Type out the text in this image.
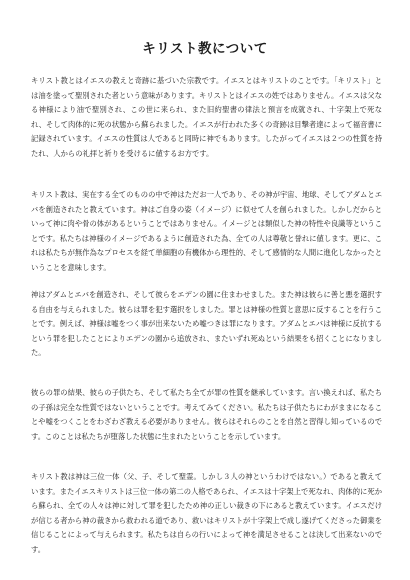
キリスト教について

キリスト教とはイエスの教えと奇跡に基づいた宗教です。イエスとはキリストのことです。「キリスト」とは油を塗って聖別された者という意味があります。キリストとはイエスの姓ではありません。イエスは父なる神様により油で聖別され、この世に来られ、また旧約聖書の律法と預言を成就され、十字架上で死なれ、そして肉体的に死の状態から蘇られました。イエスが行われた多くの奇跡は目撃者達によって福音書に記録されています。イエスの性質は人であると同時に神でもあります。したがってイエスは２つの性質を持たれ、人からの礼拝と祈りを受けるに値するお方です。

キリスト教は、実在する全てのものの中で神はただお一人であり、その神が宇宙、地球、そしてアダムとエバを創造されたと教えています。神はご自身の姿（イメージ）に似せて人を創られました。しかしだからといって神に肉や骨の体があるということではありません。イメージとは類似した神の特性や良識等ということです。私たちは神様のイメージであるように創造された為、全ての人は尊敬と誉れに値します。更に、これは私たちが無作為なプロセスを経て単細胞の有機体から理性的、そして感情的な人間に進化しなかったということを意味します。

神はアダムとエバを創造され、そして彼らをエデンの園に住まわせました。また神は彼らに善と悪を選択する自由を与えられました。彼らは罪を犯す選択をしました。罪とは神様の性質と意思に反することを行うことです。例えば、神様は嘘をつく事が出来ないため嘘つきは罪になります。アダムとエバは神様に反抗するという罪を犯したことによりエデンの園から追放され、またいずれ死ぬという結果をも招くことになりました。

彼らの罪の結果、彼らの子供たち、そして私たち全てが罪の性質を継承しています。言い換えれば、私たちの子孫は完全な性質ではないということです。考えてみてください。私たちは子供たちにわがままになることや嘘をつくことをわざわざ教える必要がありません。彼らはそれらのことを自然と習得し知っているのです。このことは私たちが堕落した状態に生まれたということを示しています。

キリスト教は神は三位一体（父、子、そして聖霊。しかし３人の神というわけではない。）であると教えています。またイエスキリストは三位一体の第二の人格であられ、イエスは十字架上で死なれ、肉体的に死から蘇られ、全ての人々は神に対して罪を犯したため神の正しい裁きの下にあると教えています。イエスだけが信じる者から神の裁きから救われる道であり、救いはキリストが十字架上で成し遂げてくださった御業を信じることによって与えられます。私たちは自らの行いによって神を満足させることは決して出来ないのです。
